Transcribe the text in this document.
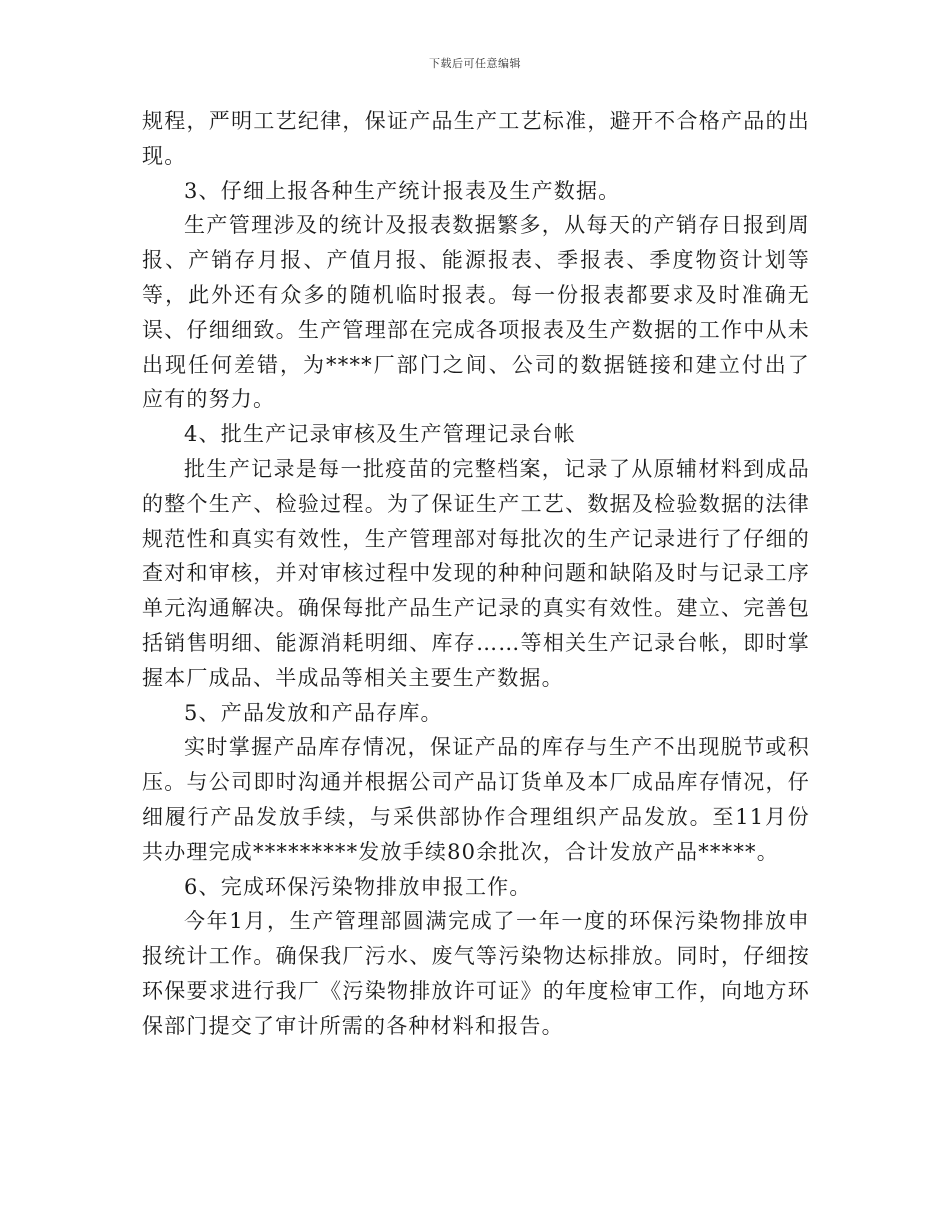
下载后可任意编辑

规程，严明工艺纪律，保证产品生产工艺标准，避开不合格产品的出现。

3、仔细上报各种生产统计报表及生产数据。

生产管理涉及的统计及报表数据繁多，从每天的产销存日报到周报、产销存月报、产值月报、能源报表、季报表、季度物资计划等等，此外还有众多的随机临时报表。每一份报表都要求及时准确无误、仔细细致。生产管理部在完成各项报表及生产数据的工作中从未出现任何差错，为****厂部门之间、公司的数据链接和建立付出了应有的努力。

4、批生产记录审核及生产管理记录台帐

批生产记录是每一批疫苗的完整档案，记录了从原辅材料到成品的整个生产、检验过程。为了保证生产工艺、数据及检验数据的法律规范性和真实有效性，生产管理部对每批次的生产记录进行了仔细的查对和审核，并对审核过程中发现的种种问题和缺陷及时与记录工序单元沟通解决。确保每批产品生产记录的真实有效性。建立、完善包括销售明细、能源消耗明细、库存……等相关生产记录台帐，即时掌握本厂成品、半成品等相关主要生产数据。

5、产品发放和产品存库。

实时掌握产品库存情况，保证产品的库存与生产不出现脱节或积压。与公司即时沟通并根据公司产品订货单及本厂成品库存情况，仔细履行产品发放手续，与采供部协作合理组织产品发放。至11月份共办理完成*********发放手续80余批次，合计发放产品*****。

6、完成环保污染物排放申报工作。

今年1月，生产管理部圆满完成了一年一度的环保污染物排放申报统计工作。确保我厂污水、废气等污染物达标排放。同时，仔细按环保要求进行我厂《污染物排放许可证》的年度检审工作，向地方环保部门提交了审计所需的各种材料和报告。
